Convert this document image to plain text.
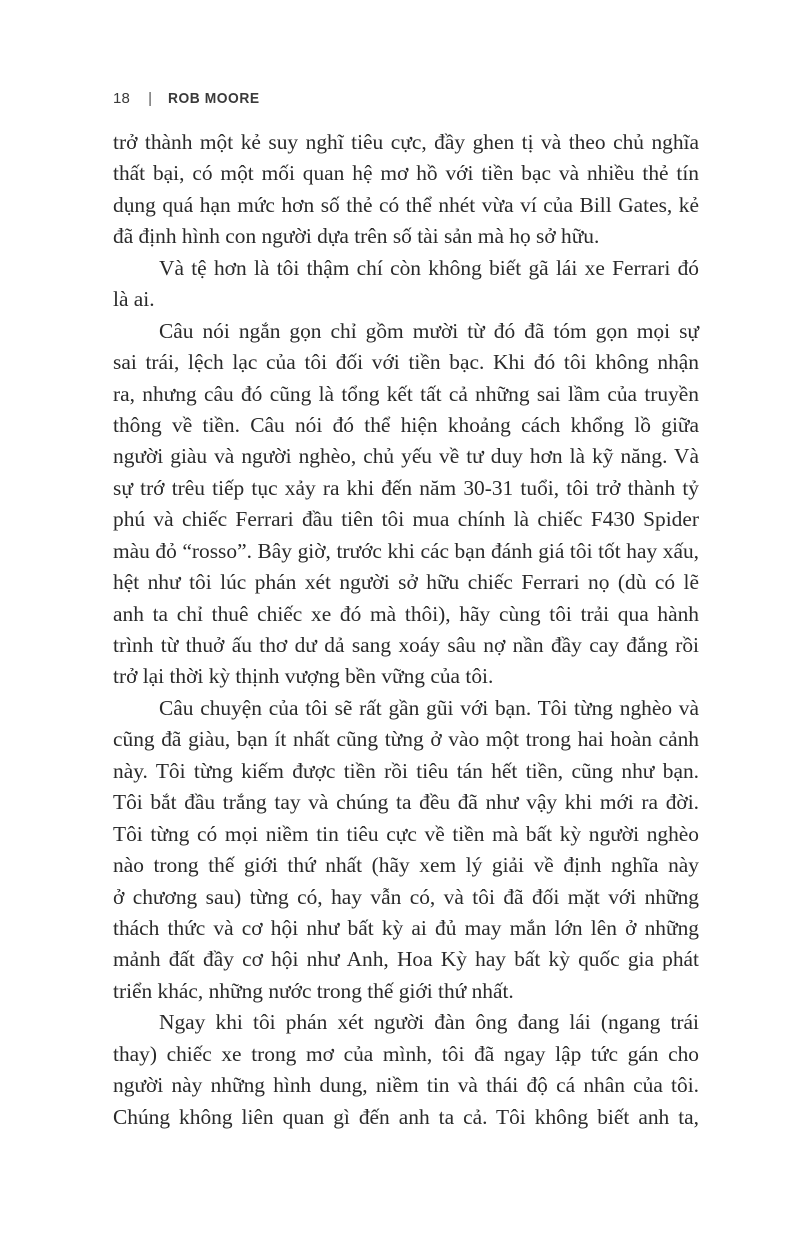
18 | ROB MOORE
trở thành một kẻ suy nghĩ tiêu cực, đầy ghen tị và theo chủ nghĩa
thất bại, có một mối quan hệ mơ hồ với tiền bạc và nhiều thẻ tín
dụng quá hạn mức hơn số thẻ có thể nhét vừa ví của Bill Gates, kẻ
đã định hình con người dựa trên số tài sản mà họ sở hữu.
Và tệ hơn là tôi thậm chí còn không biết gã lái xe Ferrari đó
là ai.
Câu nói ngắn gọn chỉ gồm mười từ đó đã tóm gọn mọi sự
sai trái, lệch lạc của tôi đối với tiền bạc. Khi đó tôi không nhận
ra, nhưng câu đó cũng là tổng kết tất cả những sai lầm của truyền
thông về tiền. Câu nói đó thể hiện khoảng cách khổng lồ giữa
người giàu và người nghèo, chủ yếu về tư duy hơn là kỹ năng. Và
sự trớ trêu tiếp tục xảy ra khi đến năm 30-31 tuổi, tôi trở thành tỷ
phú và chiếc Ferrari đầu tiên tôi mua chính là chiếc F430 Spider
màu đỏ “rosso”. Bây giờ, trước khi các bạn đánh giá tôi tốt hay xấu,
hệt như tôi lúc phán xét người sở hữu chiếc Ferrari nọ (dù có lẽ
anh ta chỉ thuê chiếc xe đó mà thôi), hãy cùng tôi trải qua hành
trình từ thuở ấu thơ dư dả sang xoáy sâu nợ nần đầy cay đắng rồi
trở lại thời kỳ thịnh vượng bền vững của tôi.
Câu chuyện của tôi sẽ rất gần gũi với bạn. Tôi từng nghèo và
cũng đã giàu, bạn ít nhất cũng từng ở vào một trong hai hoàn cảnh
này. Tôi từng kiếm được tiền rồi tiêu tán hết tiền, cũng như bạn.
Tôi bắt đầu trắng tay và chúng ta đều đã như vậy khi mới ra đời.
Tôi từng có mọi niềm tin tiêu cực về tiền mà bất kỳ người nghèo
nào trong thế giới thứ nhất (hãy xem lý giải về định nghĩa này
ở chương sau) từng có, hay vẫn có, và tôi đã đối mặt với những
thách thức và cơ hội như bất kỳ ai đủ may mắn lớn lên ở những
mảnh đất đầy cơ hội như Anh, Hoa Kỳ hay bất kỳ quốc gia phát
triển khác, những nước trong thế giới thứ nhất.
Ngay khi tôi phán xét người đàn ông đang lái (ngang trái
thay) chiếc xe trong mơ của mình, tôi đã ngay lập tức gán cho
người này những hình dung, niềm tin và thái độ cá nhân của tôi.
Chúng không liên quan gì đến anh ta cả. Tôi không biết anh ta,
